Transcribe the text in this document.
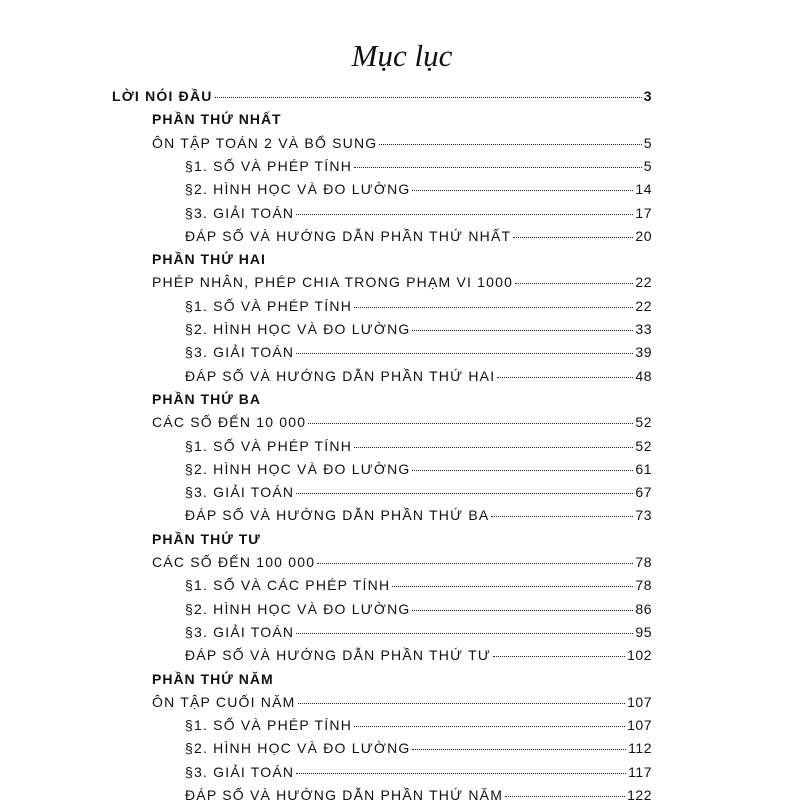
Mục lục
LỜI NÓI ĐẦU	3
PHẦN THỨ NHẤT
ÔN TẬP TOÁN 2 VÀ BỔ SUNG	5
§1. SỐ VÀ PHÉP TÍNH	5
§2. HÌNH HỌC VÀ ĐO LƯỜNG	14
§3. GIẢI TOÁN	17
ĐÁP SỐ VÀ HƯỚNG DẪN PHẦN THỨ NHẤT	20
PHẦN THỨ HAI
PHÉP NHÂN, PHÉP CHIA TRONG PHẠM VI 1000	22
§1. SỐ VÀ PHÉP TÍNH	22
§2. HÌNH HỌC VÀ ĐO LƯỜNG	33
§3. GIẢI TOÁN	39
ĐÁP SỐ VÀ HƯỚNG DẪN PHẦN THỨ HAI	48
PHẦN THỨ BA
CÁC SỐ ĐẾN 10 000	52
§1. SỐ VÀ PHÉP TÍNH	52
§2. HÌNH HỌC VÀ ĐO LƯỜNG	61
§3. GIẢI TOÁN	67
ĐÁP SỐ VÀ HƯỚNG DẪN PHẦN THỨ BA	73
PHẦN THỨ TƯ
CÁC SỐ ĐẾN 100 000	78
§1. SỐ VÀ CÁC PHÉP TÍNH	78
§2. HÌNH HỌC VÀ ĐO LƯỜNG	86
§3. GIẢI TOÁN	95
ĐÁP SỐ VÀ HƯỚNG DẪN PHẦN THỨ TƯ	102
PHẦN THỨ NĂM
ÔN TẬP CUỐI NĂM	107
§1. SỐ VÀ PHÉP TÍNH	107
§2. HÌNH HỌC VÀ ĐO LƯỜNG	112
§3. GIẢI TOÁN	117
ĐÁP SỐ VÀ HƯỚNG DẪN PHẦN THỨ NĂM	122
